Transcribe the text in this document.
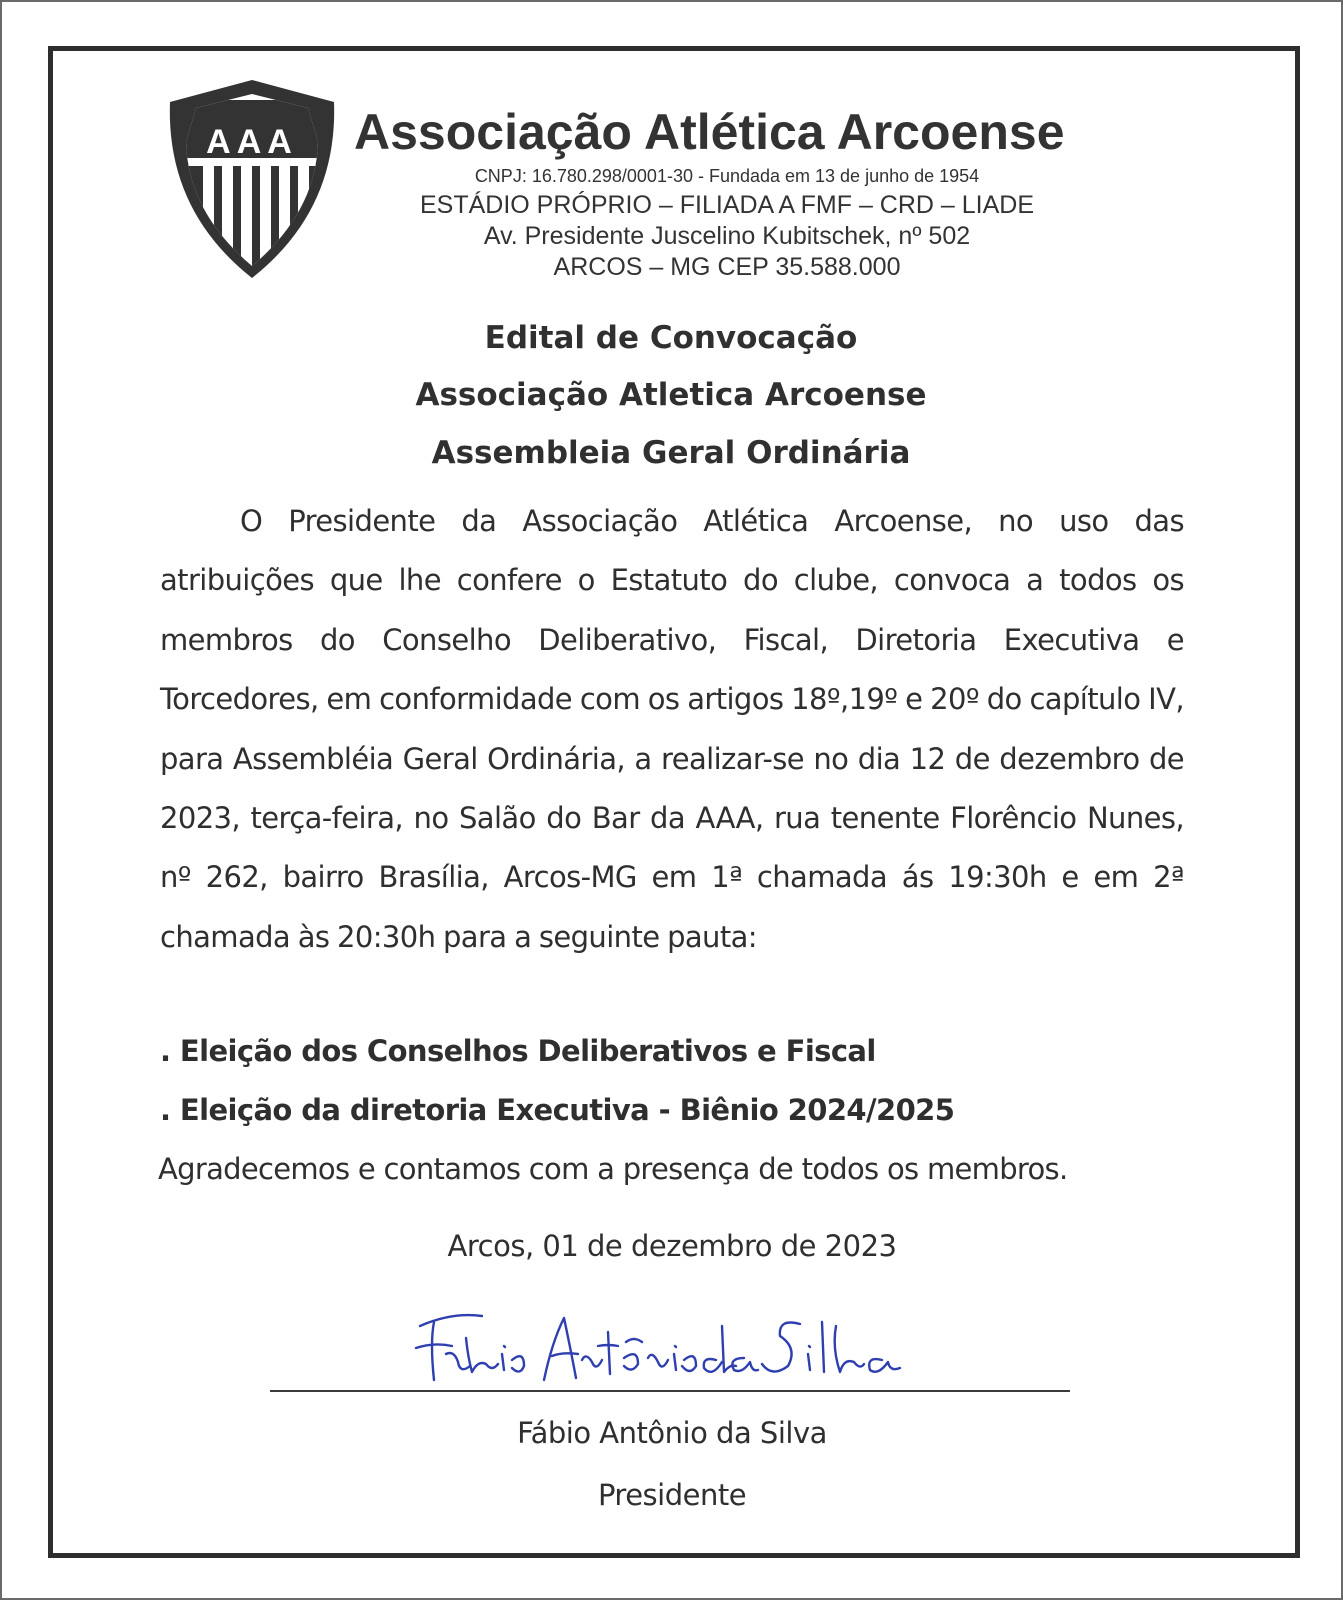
AAA Associação Atlética Arcoense
CNPJ: 16.780.298/0001-30 - Fundada em 13 de junho de 1954
ESTÁDIO PRÓPRIO – FILIADA A FMF – CRD – LIADE
Av. Presidente Juscelino Kubitschek, nº 502
ARCOS – MG CEP 35.588.000
Edital de Convocação
Associação Atletica Arcoense
Assembleia Geral Ordinária

O Presidente da Associação Atlética Arcoense, no uso das atribuições que lhe confere o Estatuto do clube, convoca a todos os membros do Conselho Deliberativo, Fiscal, Diretoria Executiva e Torcedores, em conformidade com os artigos 18º,19º e 20º do capítulo IV, para Assembléia Geral Ordinária, a realizar-se no dia 12 de dezembro de 2023, terça-feira, no Salão do Bar da AAA, rua tenente Florêncio Nunes, nº 262, bairro Brasília, Arcos-MG em 1ª chamada ás 19:30h e em 2ª chamada às 20:30h para a seguinte pauta:

. Eleição dos Conselhos Deliberativos e Fiscal
. Eleição da diretoria Executiva - Biênio 2024/2025
Agradecemos e contamos com a presença de todos os membros.
Arcos, 01 de dezembro de 2023
Fábio Antônio da Silva
Fábio Antônio da Silva
Presidente
